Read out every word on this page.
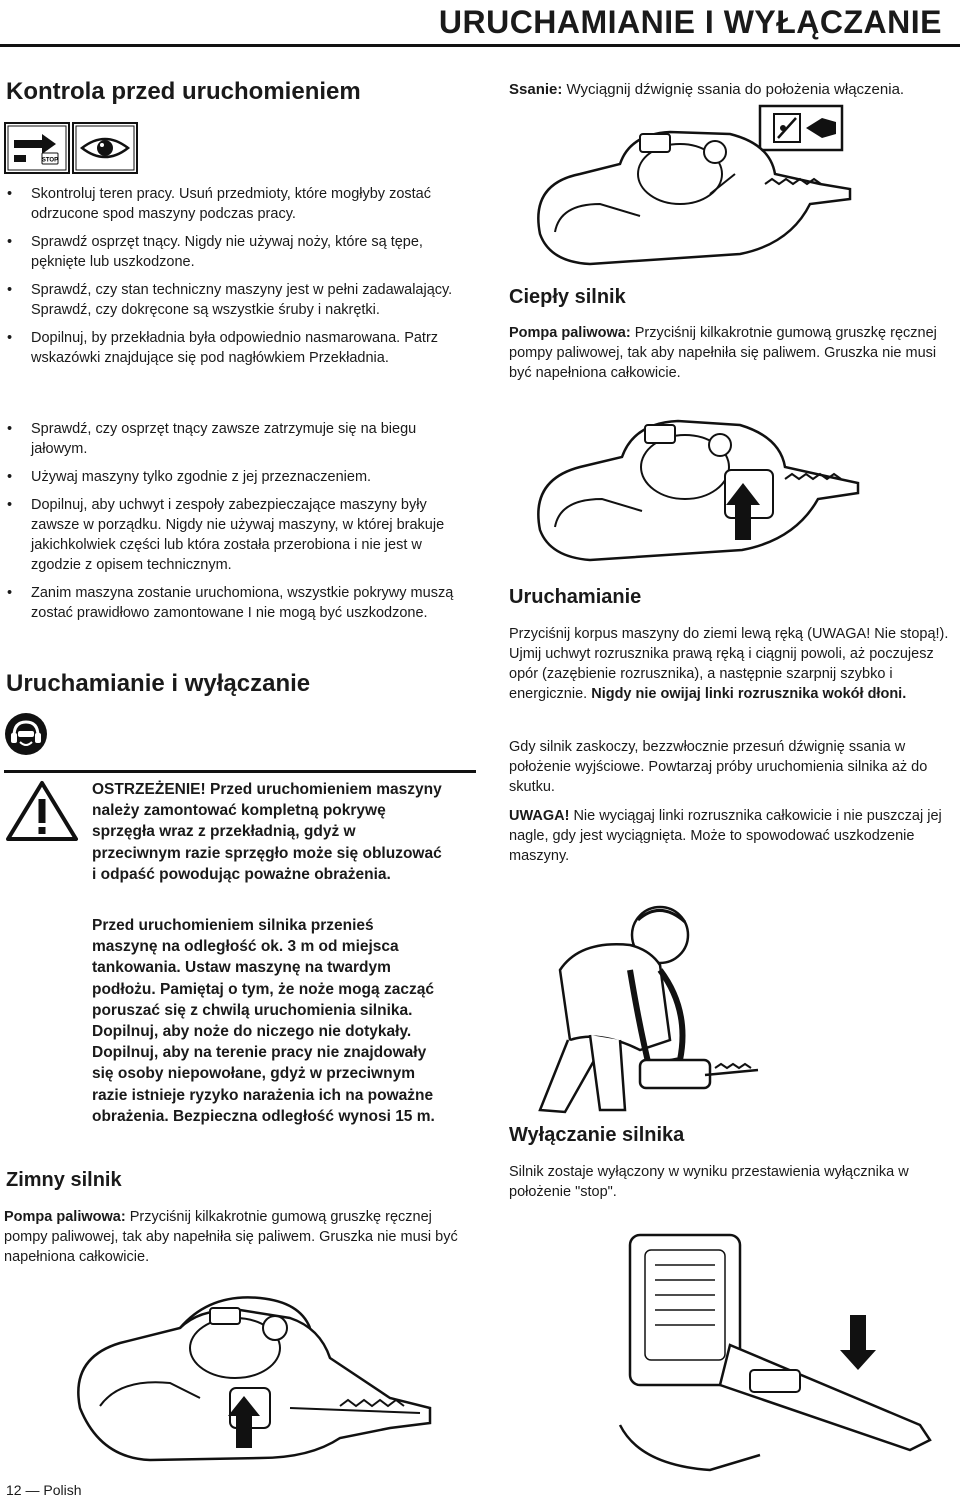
URUCHAMIANIE I WYŁĄCZANIE
Kontrola przed uruchomieniem
STOP
• Skontroluj teren pracy. Usuń przedmioty, które mogłyby zostać odrzucone spod maszyny podczas pracy.
• Sprawdź osprzęt tnący. Nigdy nie używaj noży, które są tępe, pęknięte lub uszkodzone.
• Sprawdź, czy stan techniczny maszyny jest w pełni zadawalający. Sprawdź, czy dokręcone są wszystkie śruby i nakrętki.
• Dopilnuj, by przekładnia była odpowiednio nasmarowana. Patrz wskazówki znajdujące się pod nagłówkiem Przekładnia.
• Sprawdź, czy osprzęt tnący zawsze zatrzymuje się na biegu jałowym.
• Używaj maszyny tylko zgodnie z jej przeznaczeniem.
• Dopilnuj, aby uchwyt i zespoły zabezpieczające maszyny były zawsze w porządku. Nigdy nie używaj maszyny, w której brakuje jakichkolwiek części lub która została przerobiona i nie jest w zgodzie z opisem technicznym.
• Zanim maszyna zostanie uruchomiona, wszystkie pokrywy muszą zostać prawidłowo zamontowane I nie mogą być uszkodzone.
Uruchamianie i wyłączanie
OSTRZEŻENIE! Przed uruchomieniem maszyny należy zamontować kompletną pokrywę sprzęgła wraz z przekładnią, gdyż w przeciwnym razie sprzęgło może się obluzować i odpaść powodując poważne obrażenia.
Przed uruchomieniem silnika przenieś maszynę na odległość ok. 3 m od miejsca tankowania. Ustaw maszynę na twardym podłożu. Pamiętaj o tym, że noże mogą zacząć poruszać się z chwilą uruchomienia silnika. Dopilnuj, aby noże do niczego nie dotykały. Dopilnuj, aby na terenie pracy nie znajdowały się osoby niepowołane, gdyż w przeciwnym razie istnieje ryzyko narażenia ich na poważne obrażenia. Bezpieczna odległość wynosi 15 m.
Zimny silnik

Pompa paliwowa: Przyciśnij kilkakrotnie gumową gruszkę ręcznej pompy paliwowej, tak aby napełniła się paliwem. Gruszka nie musi być napełniona całkowicie.

12 — Polish

Ssanie: Wyciągnij dźwignię ssania do położenia włączenia.

Ciepły silnik

Pompa paliwowa: Przyciśnij kilkakrotnie gumową gruszkę ręcznej pompy paliwowej, tak aby napełniła się paliwem. Gruszka nie musi być napełniona całkowicie.

Uruchamianie

Przyciśnij korpus maszyny do ziemi lewą ręką (UWAGA! Nie stopą!). Ujmij uchwyt rozrusznika prawą ręką i ciągnij powoli, aż poczujesz opór (zazębienie rozrusznika), a następnie szarpnij szybko i energicznie. Nigdy nie owijaj linki rozrusznika wokół dłoni.

Gdy silnik zaskoczy, bezzwłocznie przesuń dźwignię ssania w położenie wyjściowe. Powtarzaj próby uruchomienia silnika aż do skutku.

UWAGA! Nie wyciągaj linki rozrusznika całkowicie i nie puszczaj jej nagle, gdy jest wyciągnięta. Może to spowodować uszkodzenie maszyny.

Wyłączanie silnika

Silnik zostaje wyłączony w wyniku przestawienia wyłącznika w położenie "stop".
